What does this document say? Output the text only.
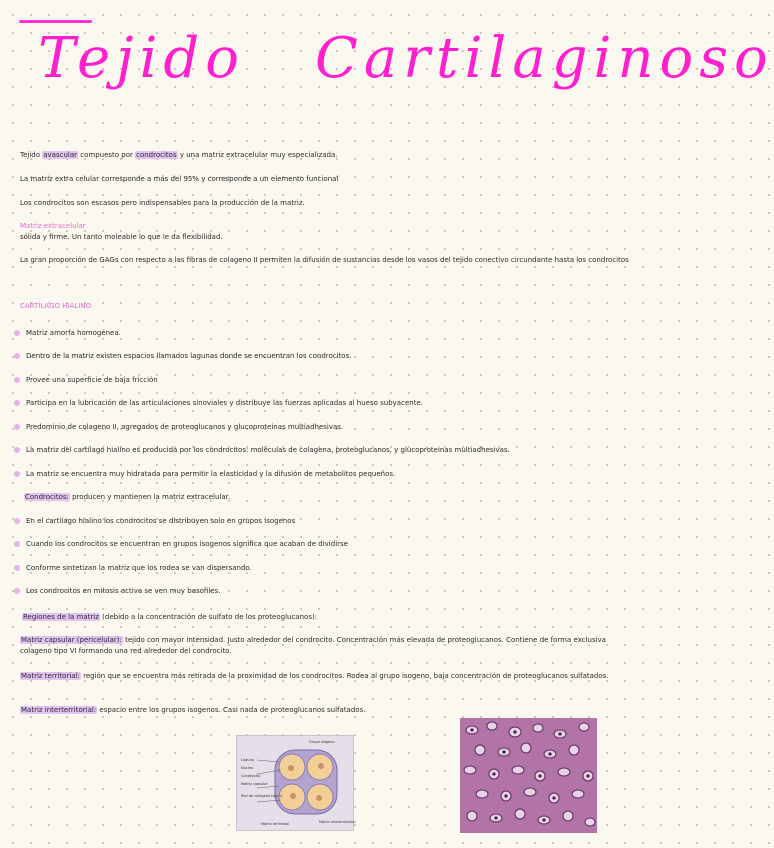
Tejido Cartilaginoso
Tejido avascular compuesto por condrocitos y una matriz extracelular muy especializada.
La matriz extra celular corresponde a más del 95% y corresponde a un elemento funcional
Los condrocitos son escasos pero indispensables para la producción de la matriz.
Matriz extracelular
sólida y firme. Un tanto moleable lo que le da flexibilidad.
La gran proporción de GAGs con respecto a las fibras de colageno II permiten la difusión de sustancias desde los vasos del tejido conectivo circundante hasta los condrocitos
CARTÍLAGO HIALINO
Matriz amorfa homogénea.
Dentro de la matriz existen espacios llamados lagunas donde se encuentran los condrocitos.
Provee una superficie de baja fricción
Participa en la lubricación de las articulaciones sinoviales y distribuye las fuerzas aplicadas al hueso subyacente.
Predominio de colageno II, agregados de proteoglucanos y glucoproteinas multiadhesivas.
La matriz del cartílago hialino es producida por los condrocitos: moléculas de colagena, proteoglucanos, y glucoproteinas multiadhesivas.
La matriz se encuentra muy hidratada para permitir la elasticidad y la difusión de metabolitos pequeños.
Condrocitos: producen y mantienen la matriz extracelular.
En el cartilago hialino los condrocitos se distribuyen solo en grupos isogenos
Cuando los condrocitos se encuentran en grupos isogenos significa que acaban de dividirse
Conforme sintetizan la matriz que los rodea se van dispersando.
Los condrocitos en mitosis activa se ven muy basofiles.
Regiones de la matriz (debido a la concentración de sulfato de los proteoglucanos):
Matriz capsular (pericelular): tejido con mayor intensidad. Justo alrededor del condrocito. Concentración más elevada de proteoglucanos. Contiene de forma exclusiva colageno tipo VI formando una red alrededor del condrocito.
Matriz territorial: región que se encuentra más retirada de la proximidad de los condrocitos. Rodea al grupo isogeno, baja concentración de proteoglucanos sulfatados.
Matriz interterritorial: espacio entre los grupos isogenos. Casi nada de proteoglucanos sulfatados.
Grupo isógeno
Laguna
Núcleo
Condrocito
Matriz capsular
Red de colágeno tipo VI
Matriz territorial	Matriz interterritorial
